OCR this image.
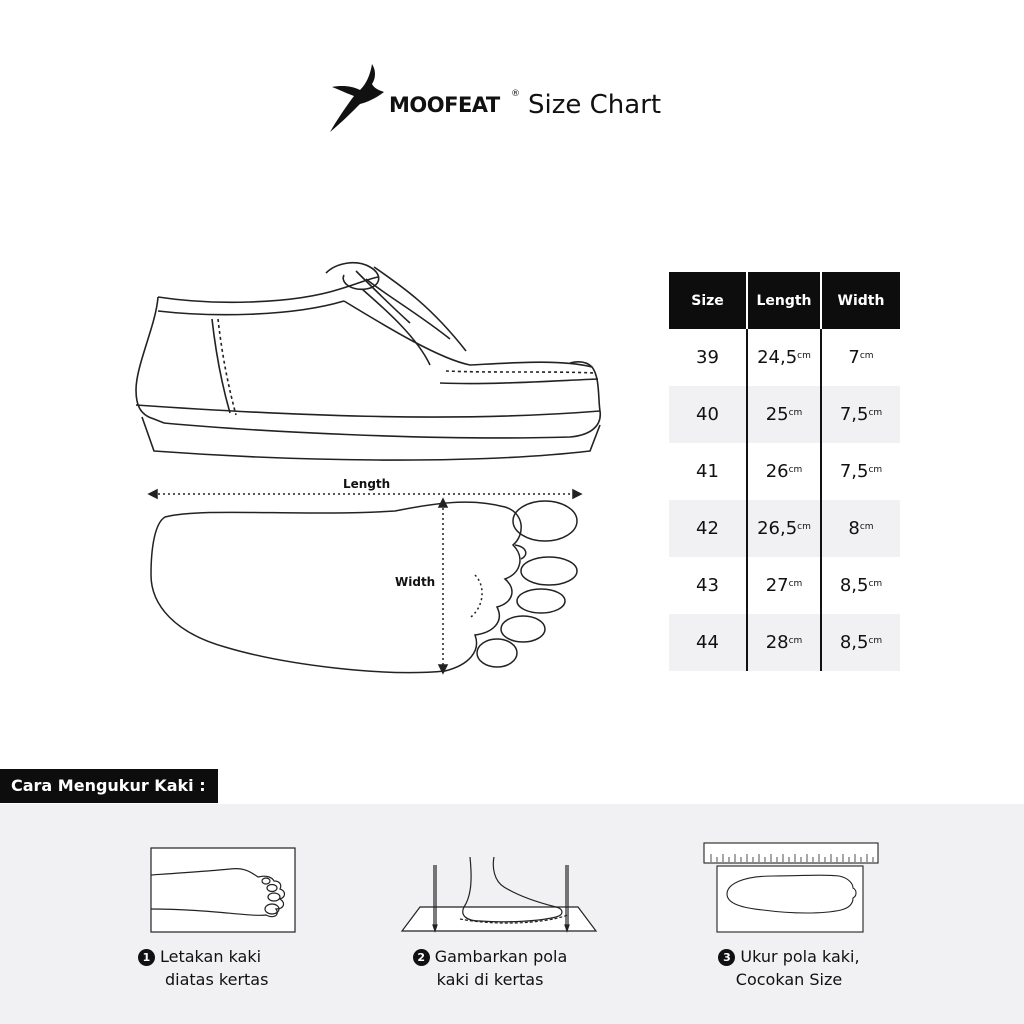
MOOFEAT ® Size Chart
Length
Width
Size	Length	Width
39	$24,5^{cm}$ $7^{cm}$
40	$25^{cm}$ $7,5^{cm}$
41	$26^{cm}$ $7,5^{cm}$
42	$26,5^{cm}$ $8^{cm}$
43	$27^{cm}$ $8,5^{cm}$
44	$28^{cm}$ $8,5^{cm}$
Cara Mengukur Kaki :
1 Letakan kaki
diatas kertas
2 Gambarkan pola
kaki di kertas
3 Ukur pola kaki,
Cocokan Size
